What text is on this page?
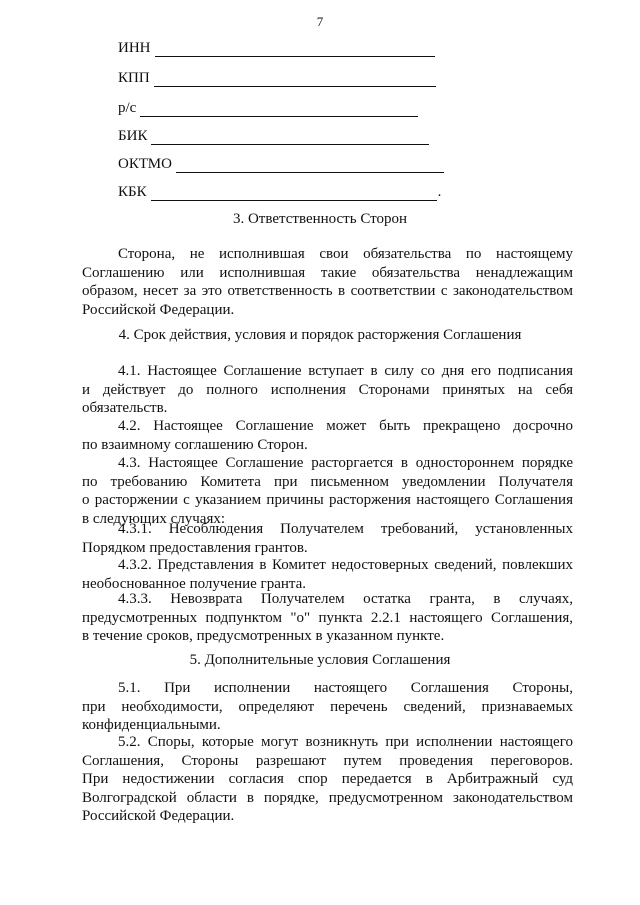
7
ИНН
КПП
р/с
БИК
ОКТМО
КБК	.
3. Ответственность Сторон
Сторона, не исполнившая свои обязательства по настоящему
Соглашению или исполнившая такие обязательства ненадлежащим
образом, несет за это ответственность в соответствии с законодательством
Российской Федерации.
4. Срок действия, условия и порядок расторжения Соглашения
4.1. Настоящее Соглашение вступает в силу со дня его подписания
и действует до полного исполнения Сторонами принятых на себя
обязательств.
4.2. Настоящее Соглашение может быть прекращено досрочно
по взаимному соглашению Сторон.
4.3. Настоящее Соглашение расторгается в одностороннем порядке
по требованию Комитета при письменном уведомлении Получателя
о расторжении с указанием причины расторжения настоящего Соглашения
в следующих случаях:
4.3.1. Несоблюдения Получателем требований, установленных
Порядком предоставления грантов.
4.3.2. Представления в Комитет недостоверных сведений, повлекших
необоснованное получение гранта.
4.3.3. Невозврата Получателем остатка гранта, в случаях,
предусмотренных подпунктом "о" пункта 2.2.1 настоящего Соглашения,
в течение сроков, предусмотренных в указанном пункте.
5. Дополнительные условия Соглашения
5.1. При исполнении настоящего Соглашения Стороны,
при необходимости, определяют перечень сведений, признаваемых
конфиденциальными.
5.2. Споры, которые могут возникнуть при исполнении настоящего
Соглашения, Стороны разрешают путем проведения переговоров.
При недостижении согласия спор передается в Арбитражный суд
Волгоградской области в порядке, предусмотренном законодательством
Российской Федерации.
